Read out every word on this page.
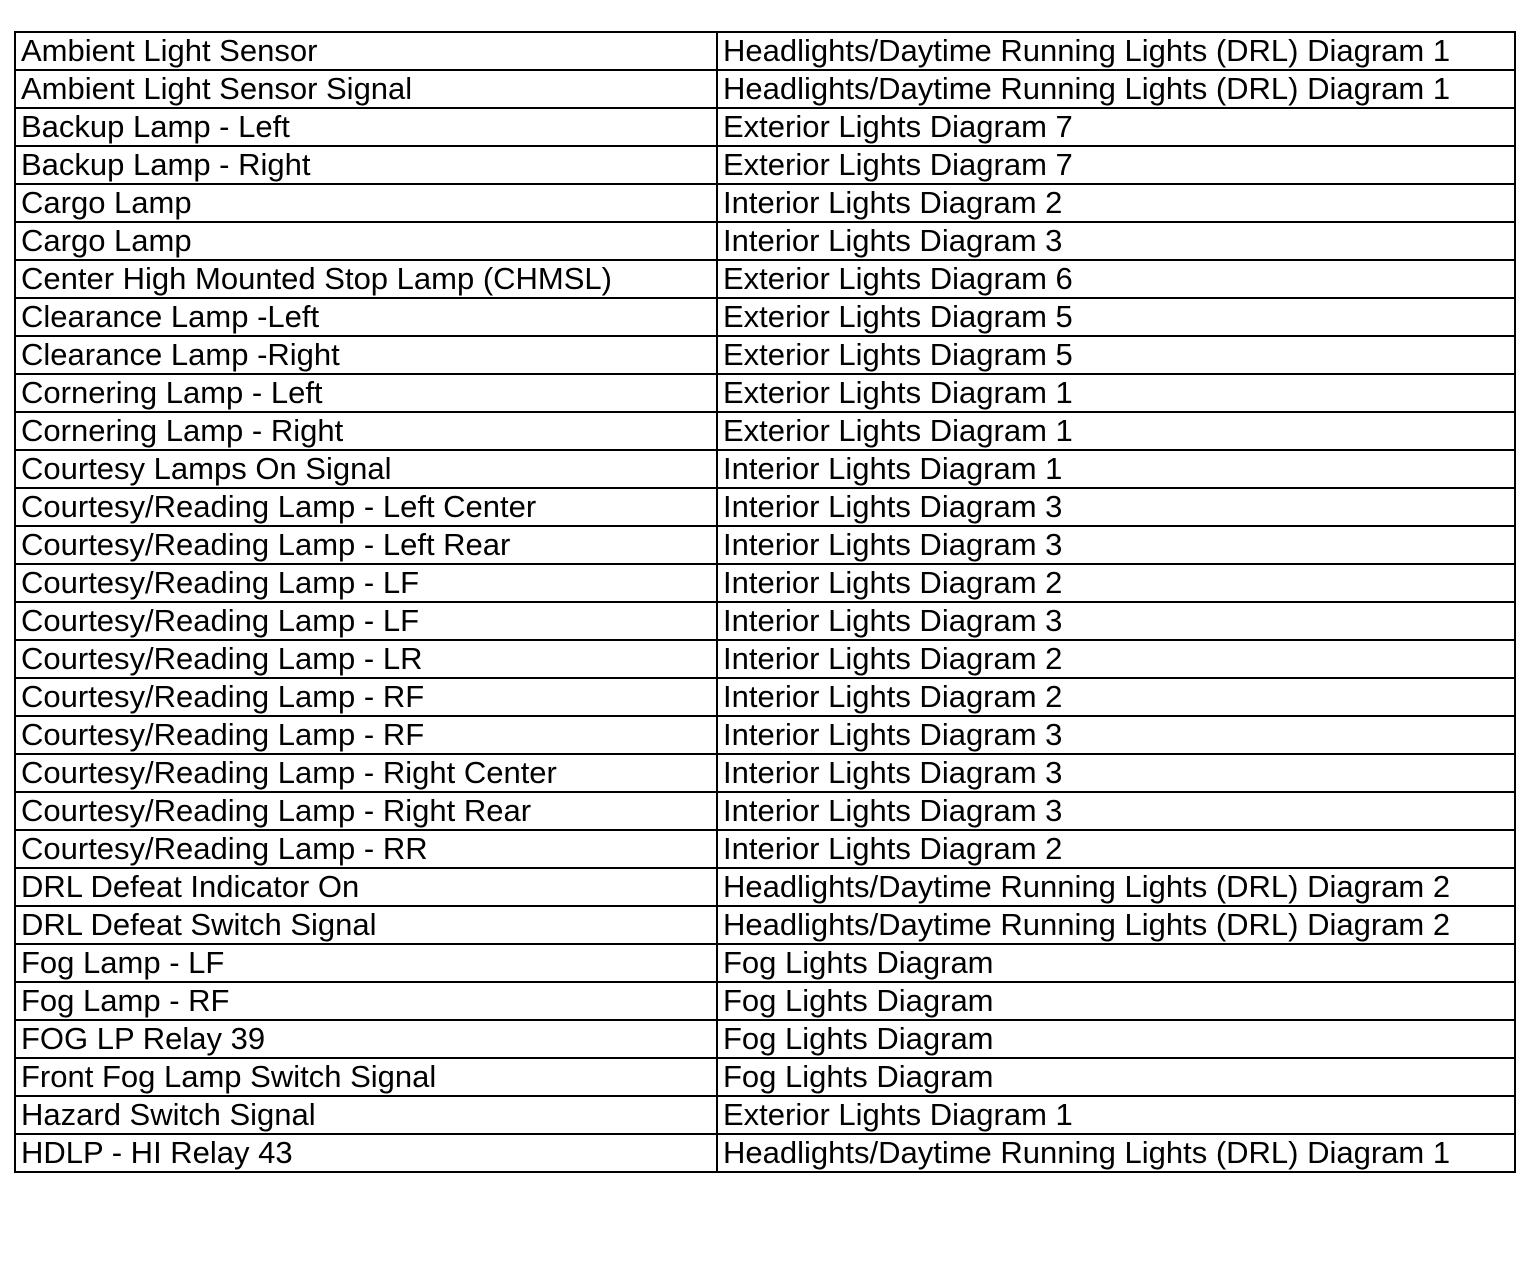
Ambient Light Sensor	Headlights/Daytime Running Lights (DRL) Diagram 1
Ambient Light Sensor Signal	Headlights/Daytime Running Lights (DRL) Diagram 1
Backup Lamp - Left	Exterior Lights Diagram 7
Backup Lamp - Right	Exterior Lights Diagram 7
Cargo Lamp	Interior Lights Diagram 2
Cargo Lamp	Interior Lights Diagram 3
Center High Mounted Stop Lamp (CHMSL)	Exterior Lights Diagram 6
Clearance Lamp -Left	Exterior Lights Diagram 5
Clearance Lamp -Right	Exterior Lights Diagram 5
Cornering Lamp - Left	Exterior Lights Diagram 1
Cornering Lamp - Right	Exterior Lights Diagram 1
Courtesy Lamps On Signal	Interior Lights Diagram 1
Courtesy/Reading Lamp - Left Center	Interior Lights Diagram 3
Courtesy/Reading Lamp - Left Rear	Interior Lights Diagram 3
Courtesy/Reading Lamp - LF	Interior Lights Diagram 2
Courtesy/Reading Lamp - LF	Interior Lights Diagram 3
Courtesy/Reading Lamp - LR	Interior Lights Diagram 2
Courtesy/Reading Lamp - RF	Interior Lights Diagram 2
Courtesy/Reading Lamp - RF	Interior Lights Diagram 3
Courtesy/Reading Lamp - Right Center	Interior Lights Diagram 3
Courtesy/Reading Lamp - Right Rear	Interior Lights Diagram 3
Courtesy/Reading Lamp - RR	Interior Lights Diagram 2
DRL Defeat Indicator On	Headlights/Daytime Running Lights (DRL) Diagram 2
DRL Defeat Switch Signal	Headlights/Daytime Running Lights (DRL) Diagram 2
Fog Lamp - LF	Fog Lights Diagram
Fog Lamp - RF	Fog Lights Diagram
FOG LP Relay 39	Fog Lights Diagram
Front Fog Lamp Switch Signal	Fog Lights Diagram
Hazard Switch Signal	Exterior Lights Diagram 1
HDLP - HI Relay 43	Headlights/Daytime Running Lights (DRL) Diagram 1
